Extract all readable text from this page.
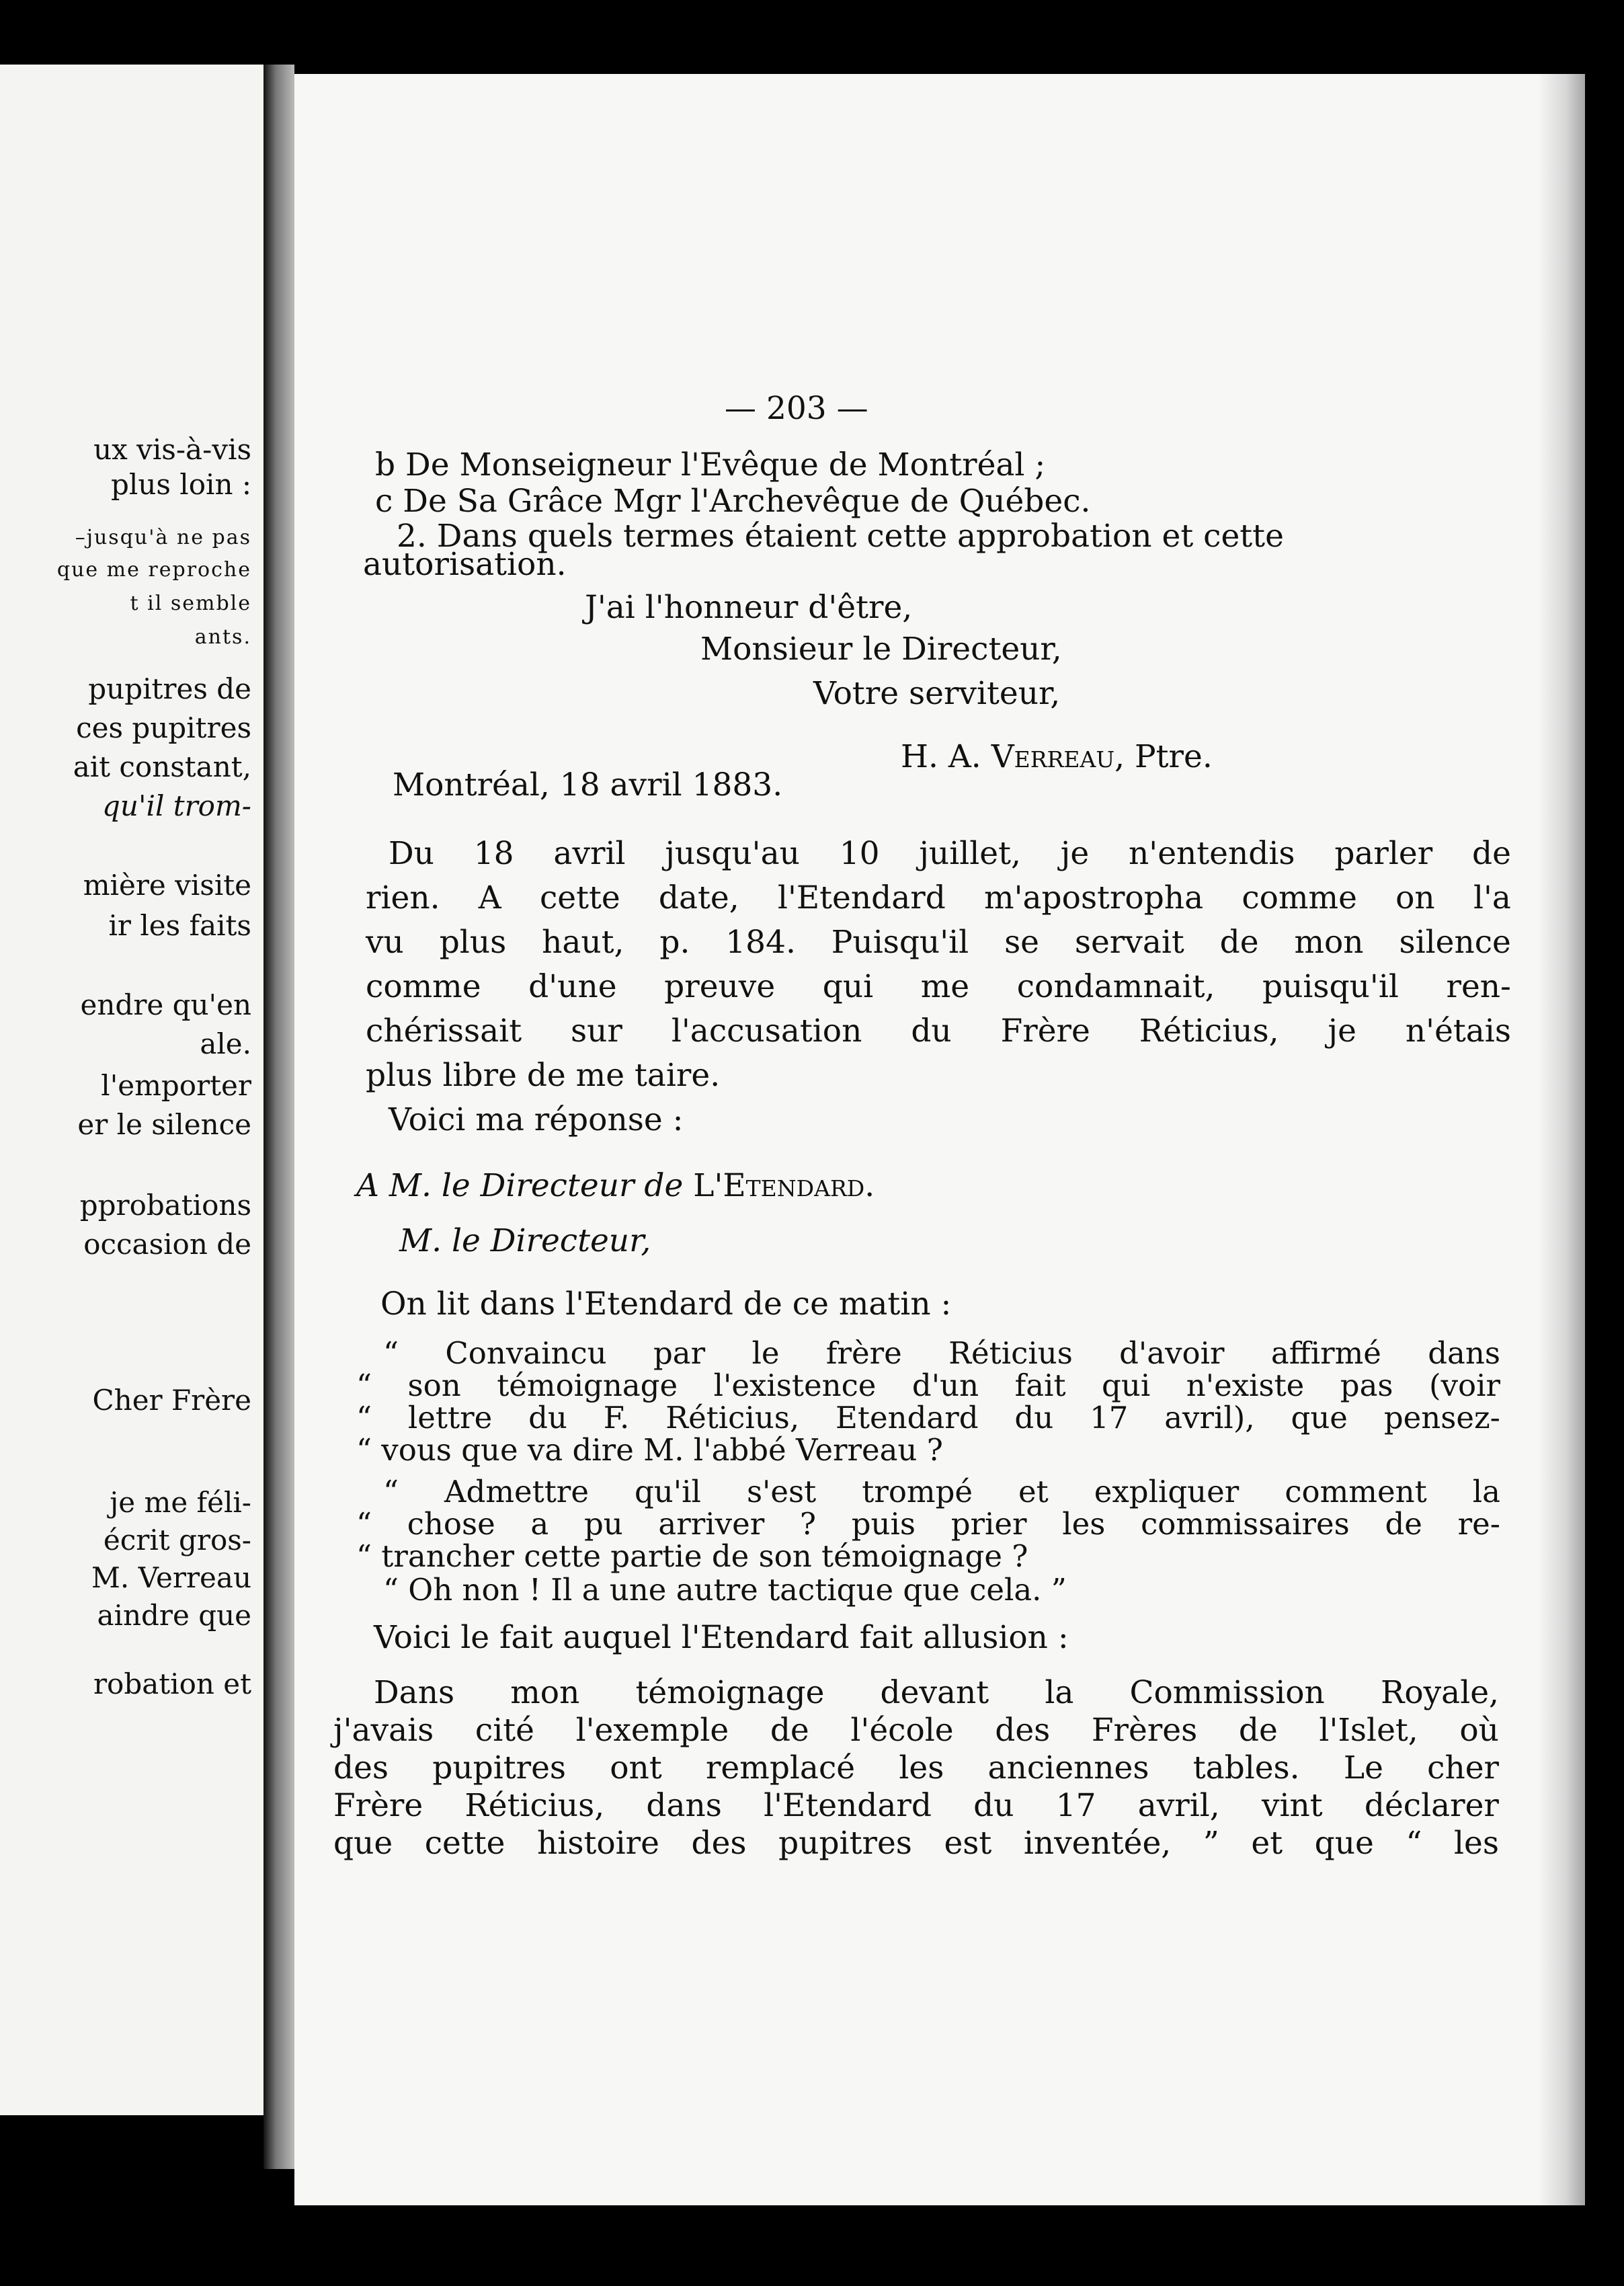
ux vis-à-vis
plus loin :
–jusqu'à ne pas
que me reproche
t il semble
ants.
pupitres de
ces pupitres
ait constant,
qu'il trom-
mière visite
ir les faits
endre qu'en
ale.
l'emporter
er le silence
pprobations
occasion de
Cher Frère
je me féli-
écrit gros-
M. Verreau
aindre que
robation et
— 203 —
b De Monseigneur l'Evêque de Montréal ;
c De Sa Grâce Mgr l'Archevêque de Québec.
2. Dans quels termes étaient cette approbation et cette
autorisation.
J'ai l'honneur d'être,
Monsieur le Directeur,
Votre serviteur,
H. A. Verreau, Ptre.
Montréal, 18 avril 1883.
Du 18 avril jusqu'au 10 juillet, je n'entendis parler de
rien. A cette date, l'Etendard m'apostropha comme on l'a
vu plus haut, p. 184. Puisqu'il se servait de mon silence
comme d'une preuve qui me condamnait, puisqu'il ren-
chérissait sur l'accusation du Frère Réticius, je n'étais
plus libre de me taire.
Voici ma réponse :
A M. le Directeur de L'Etendard.
M. le Directeur,
On lit dans l'Etendard de ce matin :
“ Convaincu par le frère Réticius d'avoir affirmé dans
“ son témoignage l'existence d'un fait qui n'existe pas (voir
“ lettre du F. Réticius, Etendard du 17 avril), que pensez-
“ vous que va dire M. l'abbé Verreau ?
“ Admettre qu'il s'est trompé et expliquer comment la
“ chose a pu arriver ? puis prier les commissaires de re-
“ trancher cette partie de son témoignage ?
“ Oh non ! Il a une autre tactique que cela. ”
Voici le fait auquel l'Etendard fait allusion :
Dans mon témoignage devant la Commission Royale,
j'avais cité l'exemple de l'école des Frères de l'Islet, où
des pupitres ont remplacé les anciennes tables. Le cher
Frère Réticius, dans l'Etendard du 17 avril, vint déclarer
que cette histoire des pupitres est inventée, ” et que “ les
